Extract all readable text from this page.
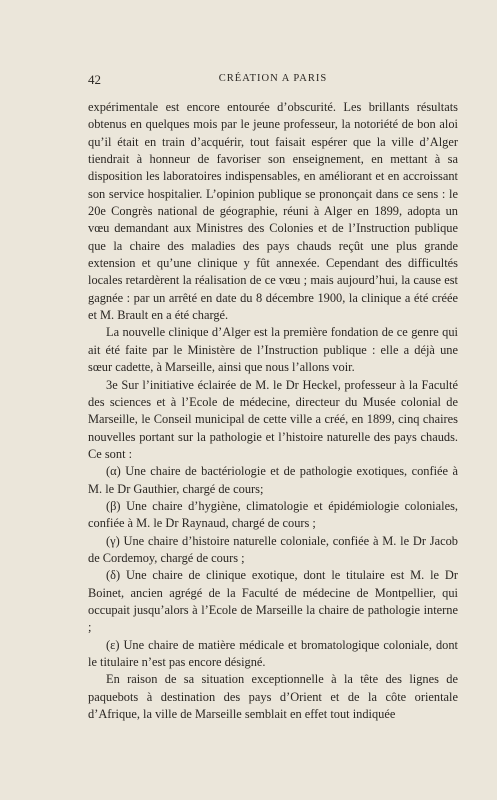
42	CRÉATION A PARIS

expérimentale est encore entourée d’obscurité. Les brillants résultats obtenus en quelques mois par le jeune professeur, la notoriété de bon aloi qu’il était en train d’acquérir, tout faisait espérer que la ville d’Alger tiendrait à honneur de favoriser son enseignement, en mettant à sa disposition les laboratoires indispensables, en améliorant et en accroissant son service hospitalier. L’opinion publique se prononçait dans ce sens : le 20e Congrès national de géographie, réuni à Alger en 1899, adopta un vœu demandant aux Ministres des Colonies et de l’Instruction publique que la chaire des maladies des pays chauds reçût une plus grande extension et qu’une clinique y fût annexée. Cependant des difficultés locales retardèrent la réalisation de ce vœu ; mais aujourd’hui, la cause est gagnée : par un arrêté en date du 8 décembre 1900, la clinique a été créée et M. Brault en a été chargé.

La nouvelle clinique d’Alger est la première fondation de ce genre qui ait été faite par le Ministère de l’Instruction publique : elle a déjà une sœur cadette, à Marseille, ainsi que nous l’allons voir.

3e Sur l’initiative éclairée de M. le Dr Heckel, professeur à la Faculté des sciences et à l’Ecole de médecine, directeur du Musée colonial de Marseille, le Conseil municipal de cette ville a créé, en 1899, cinq chaires nouvelles portant sur la pathologie et l’histoire naturelle des pays chauds. Ce sont :

(α) Une chaire de bactériologie et de pathologie exotiques, confiée à M. le Dr Gauthier, chargé de cours;

(β) Une chaire d’hygiène, climatologie et épidémiologie coloniales, confiée à M. le Dr Raynaud, chargé de cours ;

(γ) Une chaire d’histoire naturelle coloniale, confiée à M. le Dr Jacob de Cordemoy, chargé de cours ;

(δ) Une chaire de clinique exotique, dont le titulaire est M. le Dr Boinet, ancien agrégé de la Faculté de médecine de Montpellier, qui occupait jusqu’alors à l’Ecole de Marseille la chaire de pathologie interne ;

(ε) Une chaire de matière médicale et bromatologique coloniale, dont le titulaire n’est pas encore désigné.

En raison de sa situation exceptionnelle à la tête des lignes de paquebots à destination des pays d’Orient et de la côte orientale d’Afrique, la ville de Marseille semblait en effet tout indiquée
